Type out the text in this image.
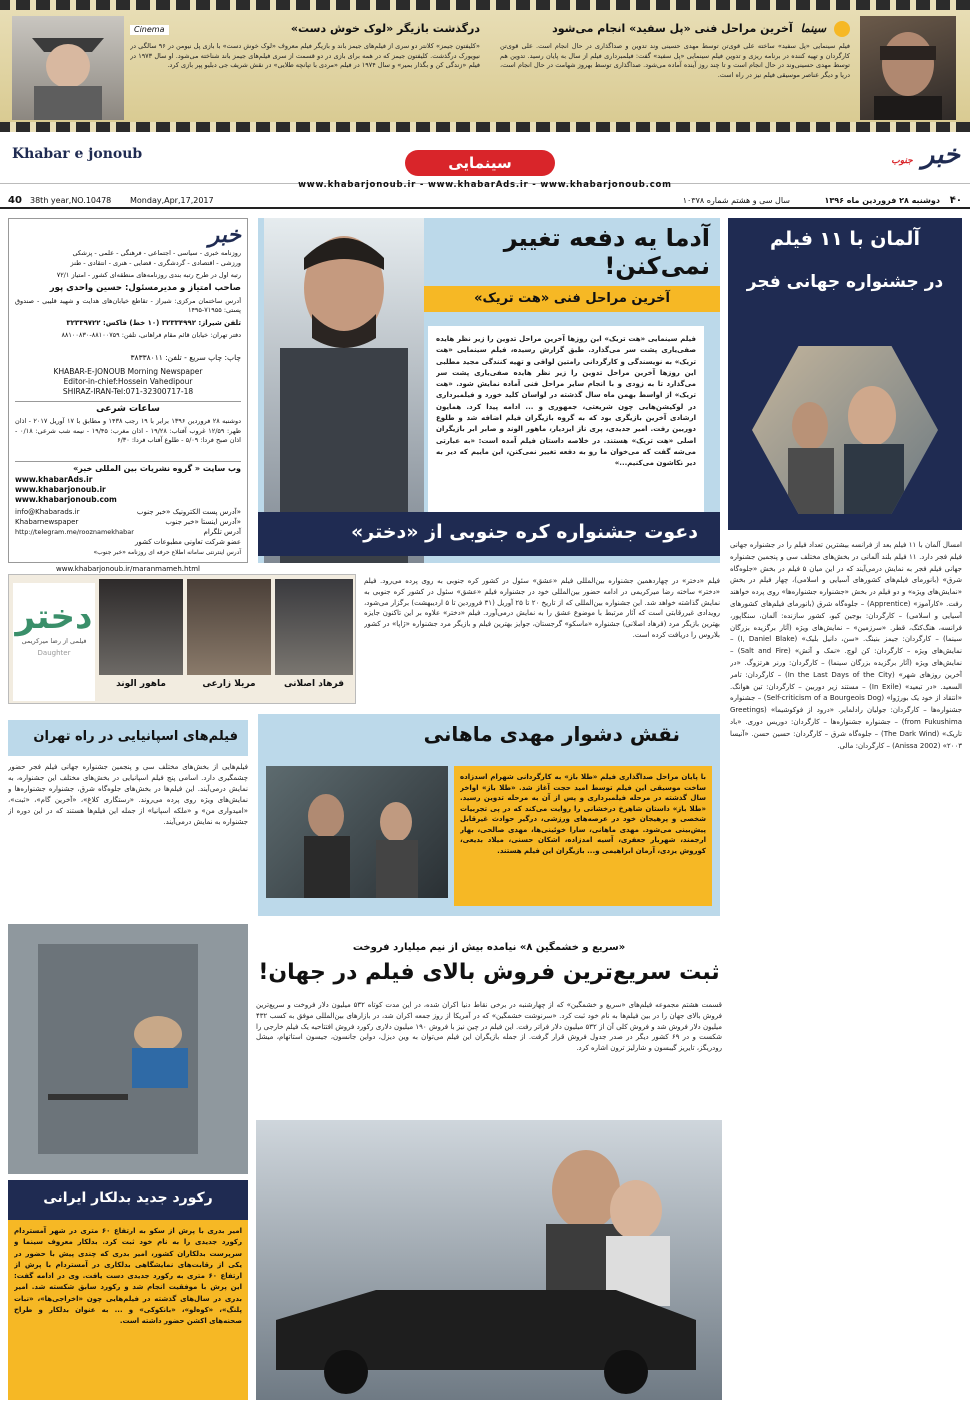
سینما آخرین مراحل فنی «پل سفید» انجام می‌شود
فیلم سینمایی «پل سفید» ساخته علی قوی‌تن توسط مهدی حسینی وند تدوین و صداگذاری در حال انجام است. علی قوی‌تن کارگردان و تهیه کننده در برنامه ریزی و تدوین فیلم سینمایی «پل سفید» گفت: فیلمبرداری فیلم از سال به پایان رسید. تدوین هم توسط مهدی حسینی‌وند در حال انجام است و تا چند روز آینده آماده می‌شود. صداگذاری توسط بهروز شهامت در حال انجام است، دریا و دیگر عناصر موسیقی فیلم نیز در راه است.
درگذشت بازیگر «لوک خوش دست»
Cinema
«کلیفتون جیمز» کلانتر دو سری از فیلم‌های جیمز باند و بازیگر فیلم معروف «لوک خوش دست» با بازی پل نیومن در ۹۶ سالگی در نیویورک درگذشت. کلیفتون جیمز که در همه برای بازی در دو قسمت از سری فیلم‌های جیمز باند شناخته می‌شود. او سال ۱۹۷۳ در فیلم «زندگی کن و بگذار بمیر» و سال ۱۹۷۴ در فیلم «مردی با تپانچه طلایی» در نقش شریف جی دبلیو پپر بازی کرد.
خبر جنوب
Khabar e jonoub	سینمایی
www.khabarjonoub.ir - www.khabarAds.ir - www.khabarjonoub.com
۴۰
دوشنبه ۲۸ فروردین ماه ۱۳۹۶
سال سی و هشتم شماره ۱۰۳۷۸
40 38th year,NO.10478 Monday,Apr,17,2017
آلمان با ۱۱ فیلم
در جشنواره جهانی فجر
امسال آلمان با ۱۱ فیلم بعد از فرانسه بیشترین تعداد فیلم را در جشنواره جهانی فیلم فجر دارد. ۱۱ فیلم بلند آلمانی در بخش‌های مختلف سی و پنجمین جشنواره جهانی فیلم فجر به نمایش درمی‌آیند که در این میان ۵ فیلم در بخش «جلوه‌گاه شرق» (بانورمای فیلم‌های کشورهای آسیایی و اسلامی)، چهار فیلم در بخش «نمایش‌های ویژه» و دو فیلم در بخش «جشنواره جشنواره‌ها» روی پرده خواهند رفت. «کارآموز» (Apprentice) – جلوه‌گاه شرق (بانورمای فیلم‌های کشورهای آسیایی و اسلامی) – کارگردان: بوجین کیو، کشور سازنده: آلمان، سنگاپور، فرانسه، هنگ‌کنگ، قطر. «سرزمین» – نمایش‌های ویژه (آثار برگزیده بزرگان سینما) – کارگردان: جیمز بنینگ. «سن، دانیل بلیک» (I, Daniel Blake) – نمایش‌های ویژه – کارگردان: کن لوچ. «نمک و آتش» (Salt and Fire) – نمایش‌های ویژه (آثار برگزیده بزرگان سینما) – کارگردان: ورنر هرتزوگ. «در آخرین روزهای شهر» (In the Last Days of the City) – کارگردان: تامر السعید. «در تبعید» (In Exile) – مستند زیر دوربین – کارگردان: تین هوانگ. «انتقاد از خود یک بورژوا» (Self-criticism of a Bourgeois Dog) – جشنواره جشنواره‌ها – کارگردان: جولیان رادلمایر. «درود از فوکوشیما» (Greetings from Fukushima) – جشنواره جشنواره‌ها – کارگردان: دوریس دوری. «باد تاریک» (The Dark Wind) – جلوه‌گاه شرق – کارگردان: حسین حسن. «آنیسا ۲۰۰۳» (Anissa 2002) – کارگردان: مالی.
آدما یه دفعه تغییر نمی‌کنن!
آخرین مراحل فنی «هت تریک»
فیلم سینمایی «هت تریک» این روزها آخرین مراحل تدوین را زیر نظر هایده صفی‌یاری پشت سر می‌گذارد. طبق گزارش رسیده، فیلم سینمایی «هت تریک» به نویسندگی و کارگردانی رامتین لوافی و تهیه کنندگی مجید مطلبی این روزها آخرین مراحل تدوین را زیر نظر هایده صفی‌یاری پشت سر می‌گذارد تا به زودی و با انجام سایر مراحل فنی آماده نمایش شود. «هت تریک» از اواسط بهمن ماه سال گذشته در لواسان کلید خورد و فیلمبرداری در لوکیشن‌هایی چون شریعتی، جمهوری و ... ادامه پیدا کرد. همایون ارشادی آخرین بازیگری بود که به گروه بازیگران فیلم اضافه شد و طلوع دوربین رفت. امیر جدیدی، پری ناز ایزدیار، ماهور الوند و صابر ابر بازیگران اصلی «هت تریک» هستند. در خلاصه داستان فیلم آمده است: «به عبارتی می‌شه گفت که می‌خوان ما رو به دفعه تغییر نمی‌کنن، این ماییم که دیر به دیر نکاشون می‌کنیم...»
دعوت جشنواره کره جنوبی از «دختر»
خبر
روزنامه خبری - سیاسی - اجتماعی - فرهنگی - علمی - پزشکی
ورزشی - اقتصادی - گردشگری - قضایی - هنری - انتقادی - طنز
رتبه اول در طرح رتبه بندی روزنامه‌های منطقه‌ای کشور - امتیاز ۷۲/۱
صاحب امتیاز و مدیرمسئول: حسین واحدی پور
آدرس ساختمان مرکزی: شیراز - تقاطع خیابان‌های هدایت و شهید قلیبی - صندوق پستی: ۷۱۹۵۵-۱۴۹۵
تلفن شیراز: ۳۲۳۳۴۹۹۲ (۱۰ خط) فاکس: ۳۲۳۳۹۷۲۲
دفتر تهران: خیابان قائم مقام فراهانی، تلفن: ۸۸۱۰۰۷۵۹-۸۸۱۰۰۸۳۰
چاپ: چاپ سریع - تلفن: ۳۸۳۳۸۰۱۱
KHABAR-E-JONOUB Morning Newspaper
Editor-in-chief:Hossein Vahedipour
SHIRAZ-IRAN-Tel:071-32300717-18
ساعات شرعی
دوشنبه ۲۸ فروردین ۱۳۹۶ برابر با ۱۹ رجب ۱۴۳۸ و مطابق با ۱۷ آوریل ۲۰۱۷ - اذان ظهر: ۱۲/۵۹ غروب آفتاب: ۱۹/۲۸ - اذان مغرب: ۱۹/۴۵ - نیمه شب شرعی: ۰/۱۸ - اذان صبح فردا: ۵/۰۹ - طلوع آفتاب فردا: ۶/۳۰
وب سایت « گروه نشریات بین المللی خبر»
www.khabarAds.ir
www.khabarjonoub.ir
www.khabarjonoub.com
info@Khabarads.ir	آدرس پست الکترونیک «خبر جنوب»
Khabarnewspaper	آدرس اینستا «خبر جنوب»
http://telegram.me/rooznamekhabar	آدرس تلگرام
عضو شرکت تعاونی مطبوعات کشور
آدرس اینترنتی سامانه اطلاع حرفه ای روزنامه «خبر جنوب»
www.khabarjonoub.ir/maranmameh.html
دختر
فیلمی از رضا میرکریمی
Daughter
ماهور الوند	مریلا زارعی	فرهاد اصلانی
فیلم «دختر» در چهاردهمین جشنواره بین‌المللی فیلم «عشق» سئول در کشور کره جنوبی به روی پرده می‌رود. فیلم «دختر» ساخته رضا میرکریمی در ادامه حضور بین‌المللی خود در جشنواره فیلم «عشق» سئول در کشور کره جنوبی به نمایش گذاشته خواهد شد. این جشنواره بین‌المللی که از تاریخ ۲۰ تا ۲۵ آوریل (۳۱ فروردین تا ۵ اردیبهشت) برگزار می‌شود، رویدادی غیررقابتی است که آثار مرتبط با موضوع عشق را به نمایش درمی‌آورد. فیلم «دختر» علاوه بر این تاکنون جایزه بهترین بازیگر مرد (فرهاد اصلانی) جشنواره «ماسکو» گرجستان، جوایز بهترین فیلم و بازیگر مرد جشنواره «ژاپا» در کشور بلاروس را دریافت کرده است.
نقش دشوار مهدی ماهانی
با پایان مراحل صداگذاری فیلم «طلا باز» به کارگردانی شهرام اسدزاده ساخت موسیقی این فیلم توسط امید حجت آغاز شد. «طلا باز» اواخر سال گذشته در مرحله فیلمبرداری و پس از آن به مرحله تدوین رسید. «طلا باز» داستان شاهرخ درخشانی را روایت می‌کند که در پی تجربیات شخصی و پرهیجان خود در عرصه‌های ورزشی، درگیر حوادث غیرقابل پیش‌بینی می‌شود. مهدی ماهانی، سارا خوئینی‌ها، مهدی صالحی، بهار ارجمند، شهریار جعفری، آسیه امدزاده، اشکان حسنی، میلاد بدیعی، کوروش یزدی، آرمان ابراهیمی و... بازیگران این فیلم هستند.
فیلم‌های اسپانیایی در راه تهران
فیلم‌هایی از بخش‌های مختلف سی و پنجمین جشنواره جهانی فیلم فجر حضور چشمگیری دارد. اسامی پنج فیلم اسپانیایی در بخش‌های مختلف این جشنواره، به نمایش درمی‌آیند. این فیلم‌ها در بخش‌های جلوه‌گاه شرق، جشنواره جشنواره‌ها و نمایش‌های ویژه روی پرده می‌روند. «رستگاری کلاغ»، «آخرین گام»، «ثبت»، «امیدواری من» و «ملکه اسپانیا» از جمله این فیلم‌ها هستند که در این دوره از جشنواره به نمایش درمی‌آیند.
رکورد جدید بدلکار ایرانی
امیر بدری با پرش از سکو به ارتفاع ۶۰ متری در شهر آمستردام رکورد جدیدی را به نام خود ثبت کرد. بدلکار معروف سینما و سرپرست بدلکاران کشور، امیر بدری که چندی پیش با حضور در یکی از رقابت‌های نمایشگاهی بدلکاری در آمستردام با پرش از ارتفاع ۶۰ متری به رکورد جدیدی دست یافت. وی در ادامه گفت: این پرش با موفقیت انجام شد و رکورد سابق شکسته شد. امیر بدری در سال‌های گذشته در فیلم‌هایی چون «اخراجی‌ها»، «نبات پلنگ»، «کوه‌لو»، «بانکوکی» و ... به عنوان بدلکار و طراح صحنه‌های اکشن حضور داشته است.
«سریع و خشمگین ۸» نیامده بیش از نیم میلیارد فروخت
ثبت سریع‌ترین فروش بالای فیلم در جهان!
قسمت هشتم مجموعه فیلم‌های «سریع و خشمگین» که از چهارشنبه در برخی نقاط دنیا اکران شده، در این مدت کوتاه ۵۳۲ میلیون دلار فروخت و سریع‌ترین فروش بالای جهان را در بین فیلم‌ها به نام خود ثبت کرد. «سرنوشت خشمگین» که در آمریکا از روز جمعه اکران شد، در بازارهای بین‌المللی موفق به کسب ۴۳۲ میلیون دلار فروش شد و فروش کلی آن از ۵۳۲ میلیون دلار فراتر رفت. این فیلم در چین نیز با فروش ۱۹۰ میلیون دلاری رکورد فروش افتتاحیه یک فیلم خارجی را شکست و در ۶۹ کشور دیگر در صدر جدول فروش قرار گرفت. از جمله بازیگران این فیلم می‌توان به وین دیزل، دواین جانسون، جیسون استاتهام، میشل رودریگز، تایریز گیبسون و شارلیز ترون اشاره کرد.
